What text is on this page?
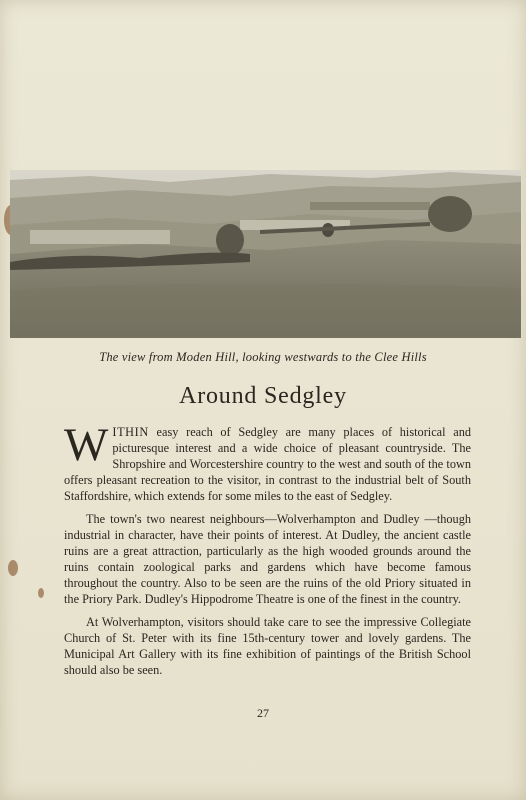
The view from Moden Hill, looking westwards to the Clee Hills
Around Sedgley

WITHIN easy reach of Sedgley are many places of historical and picturesque interest and a wide choice of pleasant countryside. The Shropshire and Worcestershire country to the west and south of the town offers pleasant recreation to the visitor, in contrast to the industrial belt of South Staffordshire, which extends for some miles to the east of Sedgley.

The town's two nearest neighbours—Wolverhampton and Dudley —though industrial in character, have their points of interest. At Dudley, the ancient castle ruins are a great attraction, particularly as the high wooded grounds around the ruins contain zoological parks and gardens which have become famous throughout the country. Also to be seen are the ruins of the old Priory situated in the Priory Park. Dudley's Hippodrome Theatre is one of the finest in the country.

At Wolverhampton, visitors should take care to see the impressive Collegiate Church of St. Peter with its fine 15th-century tower and lovely gardens. The Municipal Art Gallery with its fine exhibition of paintings of the British School should also be seen.

27
